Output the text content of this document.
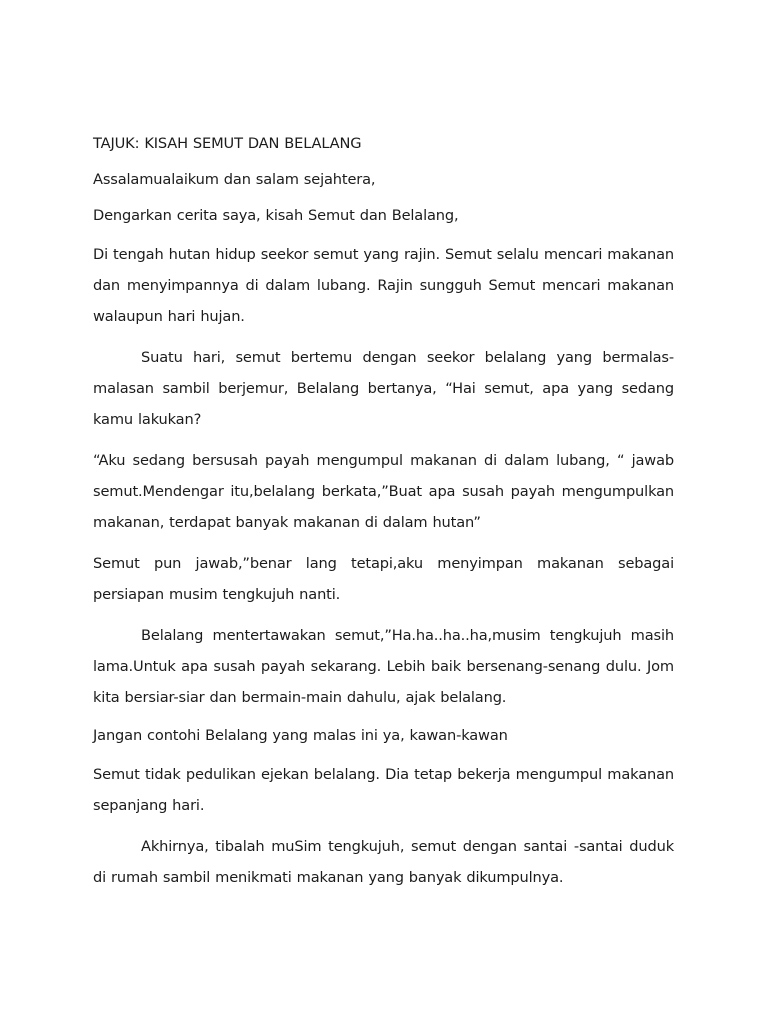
TAJUK: KISAH SEMUT DAN BELALANG

Assalamualaikum dan salam sejahtera,

Dengarkan cerita saya, kisah Semut dan Belalang,

Di tengah hutan hidup seekor semut yang rajin. Semut selalu mencari makanan dan menyimpannya di dalam lubang. Rajin sungguh Semut mencari makanan walaupun hari hujan.

Suatu hari, semut bertemu dengan seekor belalang yang bermalas-malasan sambil berjemur, Belalang bertanya, “Hai semut, apa yang sedang kamu lakukan?

“Aku sedang bersusah payah mengumpul makanan di dalam lubang, “ jawab semut.Mendengar itu,belalang berkata,”Buat apa susah payah mengumpulkan makanan, terdapat banyak makanan di dalam hutan”

Semut pun jawab,”benar lang tetapi,aku menyimpan makanan sebagai persiapan musim tengkujuh nanti.

Belalang mentertawakan semut,”Ha.ha..ha..ha,musim tengkujuh masih lama.Untuk apa susah payah sekarang. Lebih baik bersenang-senang dulu. Jom kita bersiar-siar dan bermain-main dahulu, ajak belalang.

Jangan contohi Belalang yang malas ini ya, kawan-kawan

Semut tidak pedulikan ejekan belalang. Dia tetap bekerja mengumpul makanan sepanjang hari.

Akhirnya, tibalah muSim tengkujuh, semut dengan santai -santai duduk di rumah sambil menikmati makanan yang banyak dikumpulnya.
